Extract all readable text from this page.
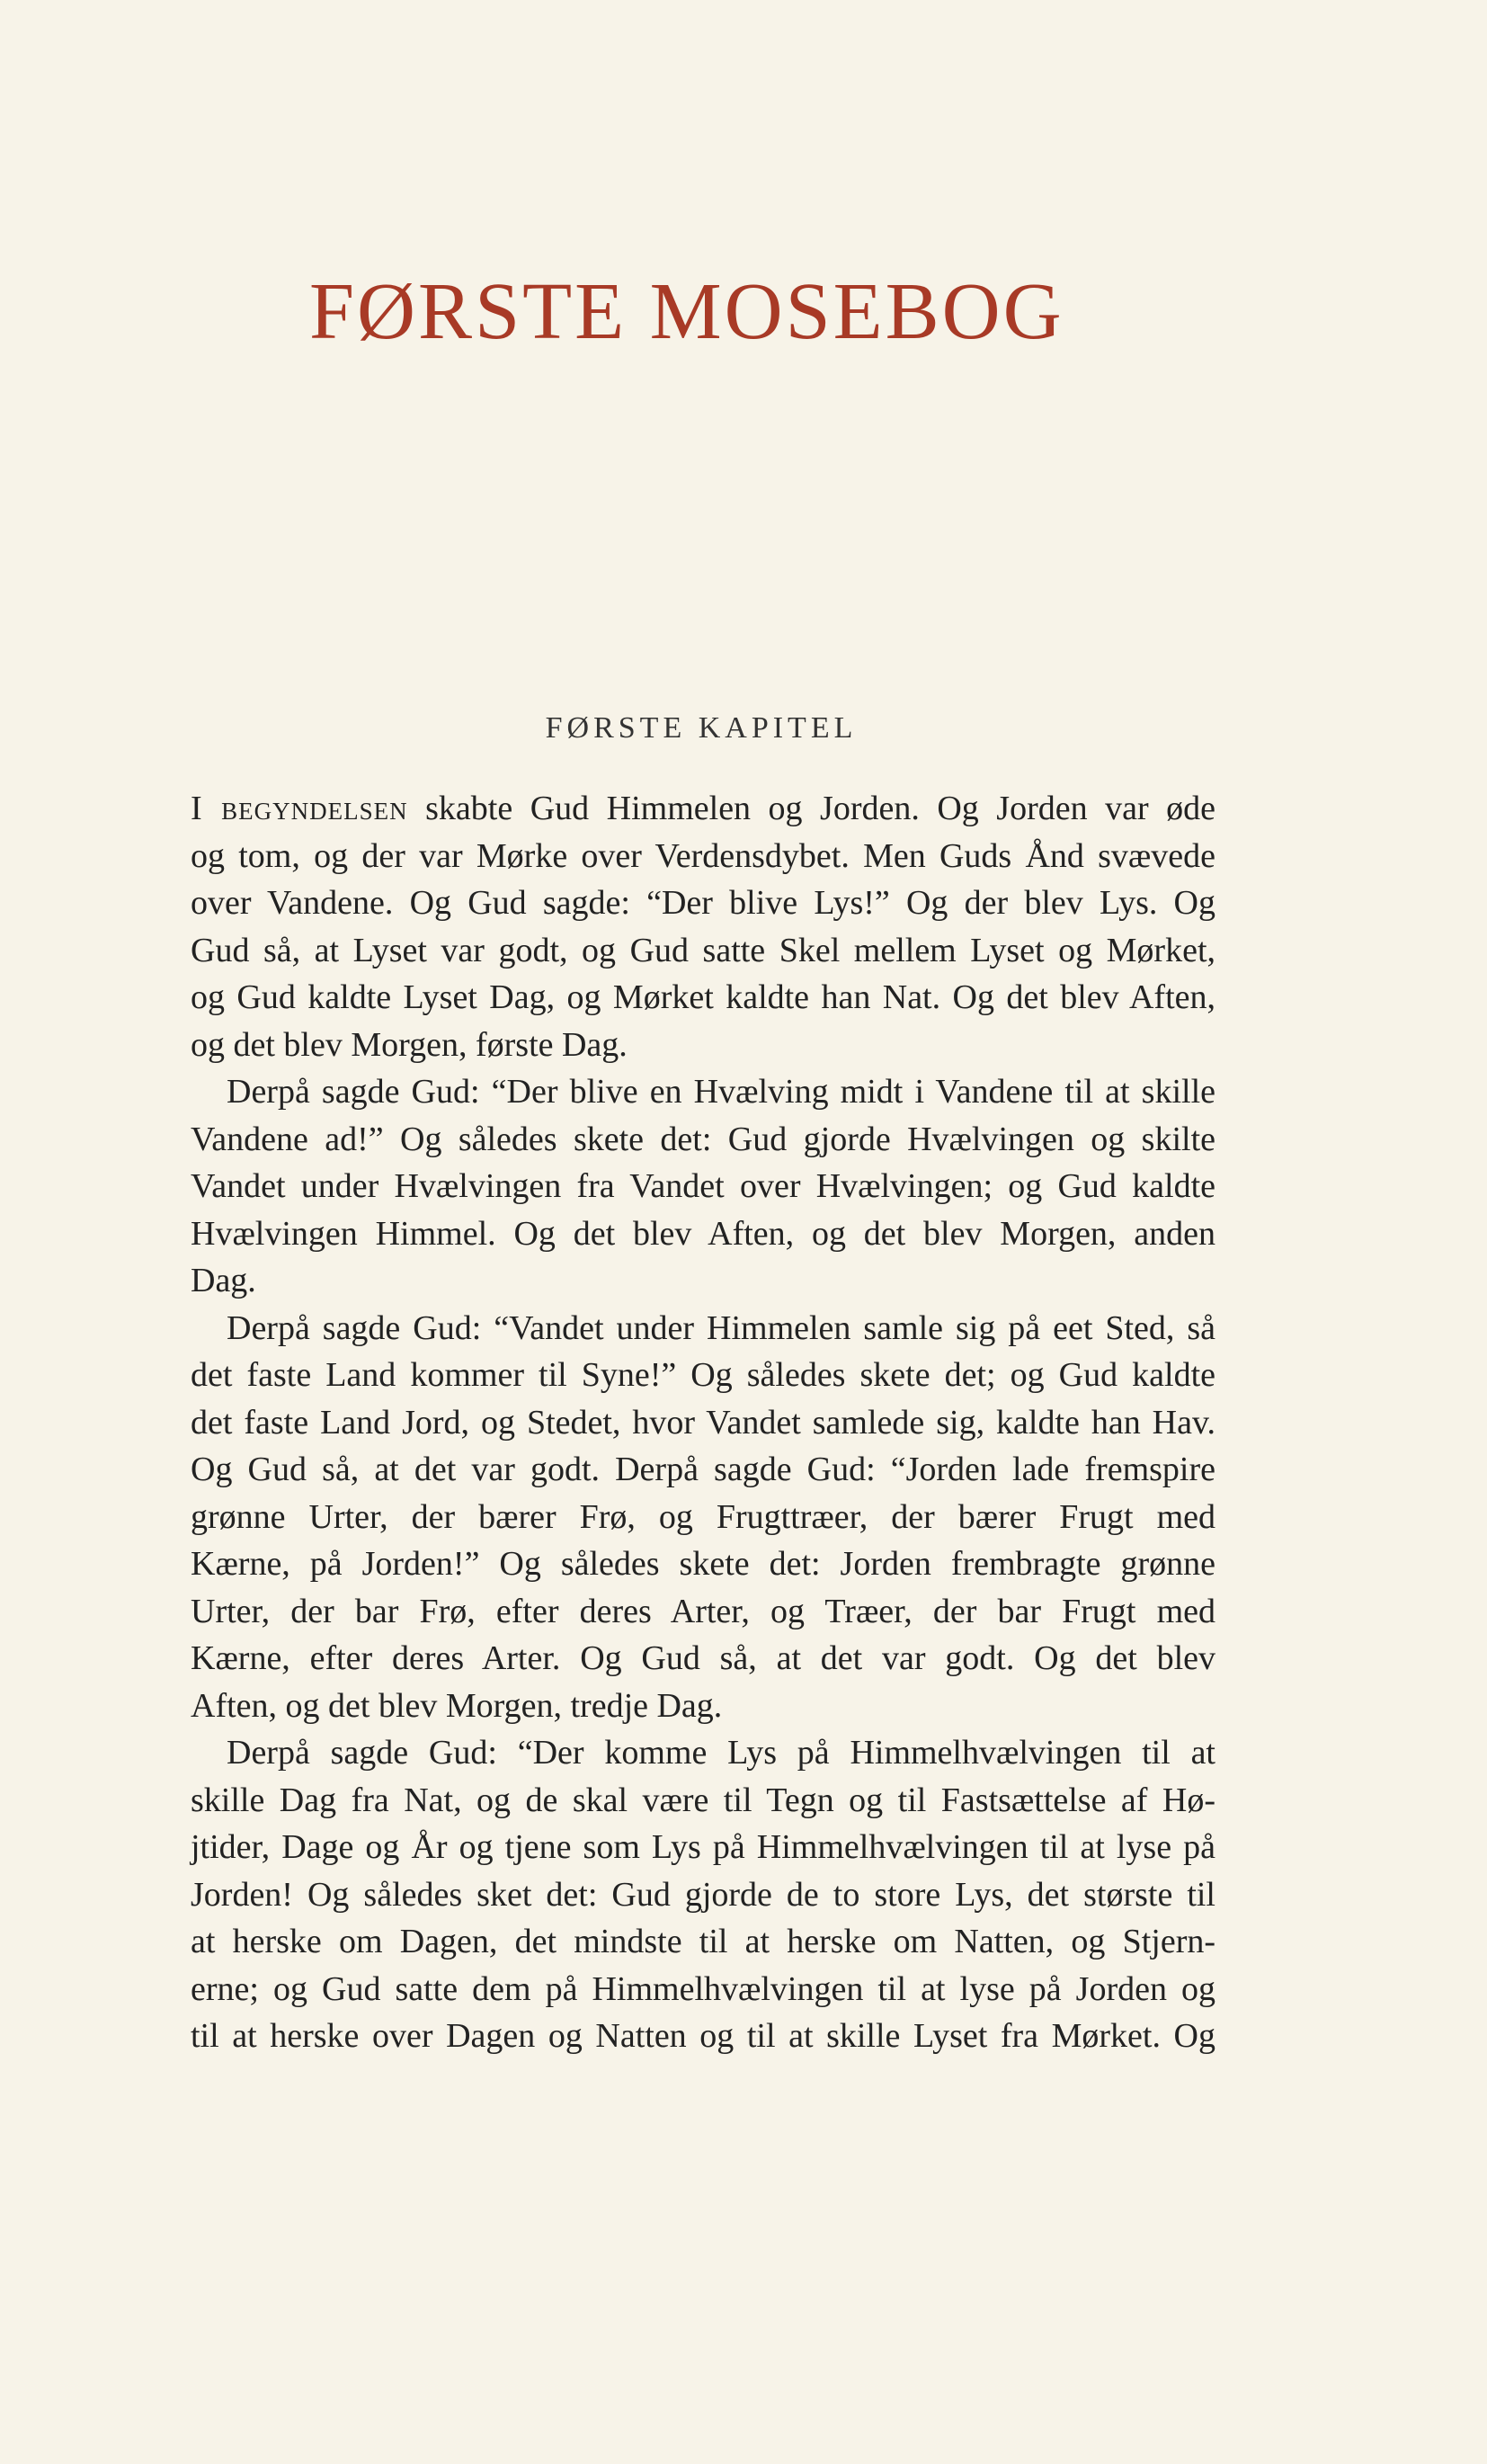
FØRSTE MOSEBOG
FØRSTE KAPITEL
I begyndelsen skabte Gud Himmelen og Jorden. Og Jorden var øde
og tom, og der var Mørke over Verdensdybet. Men Guds Ånd svævede
over Vandene. Og Gud sagde: “Der blive Lys!” Og der blev Lys. Og
Gud så, at Lyset var godt, og Gud satte Skel mellem Lyset og Mørket,
og Gud kaldte Lyset Dag, og Mørket kaldte han Nat. Og det blev Aften,
og det blev Morgen, første Dag.
Derpå sagde Gud: “Der blive en Hvælving midt i Vandene til at skille
Vandene ad!” Og således skete det: Gud gjorde Hvælvingen og skilte
Vandet under Hvælvingen fra Vandet over Hvælvingen; og Gud kaldte
Hvælvingen Himmel. Og det blev Aften, og det blev Morgen, anden
Dag.
Derpå sagde Gud: “Vandet under Himmelen samle sig på eet Sted, så
det faste Land kommer til Syne!” Og således skete det; og Gud kaldte
det faste Land Jord, og Stedet, hvor Vandet samlede sig, kaldte han Hav.
Og Gud så, at det var godt. Derpå sagde Gud: “Jorden lade fremspire
grønne Urter, der bærer Frø, og Frugttræer, der bærer Frugt med
Kærne, på Jorden!” Og således skete det: Jorden frembragte grønne
Urter, der bar Frø, efter deres Arter, og Træer, der bar Frugt med
Kærne, efter deres Arter. Og Gud så, at det var godt. Og det blev
Aften, og det blev Morgen, tredje Dag.
Derpå sagde Gud: “Der komme Lys på Himmelhvælvingen til at
skille Dag fra Nat, og de skal være til Tegn og til Fastsættelse af Hø-
jtider, Dage og År og tjene som Lys på Himmelhvælvingen til at lyse på
Jorden! Og således sket det: Gud gjorde de to store Lys, det største til
at herske om Dagen, det mindste til at herske om Natten, og Stjern-
erne; og Gud satte dem på Himmelhvælvingen til at lyse på Jorden og
til at herske over Dagen og Natten og til at skille Lyset fra Mørket. Og
